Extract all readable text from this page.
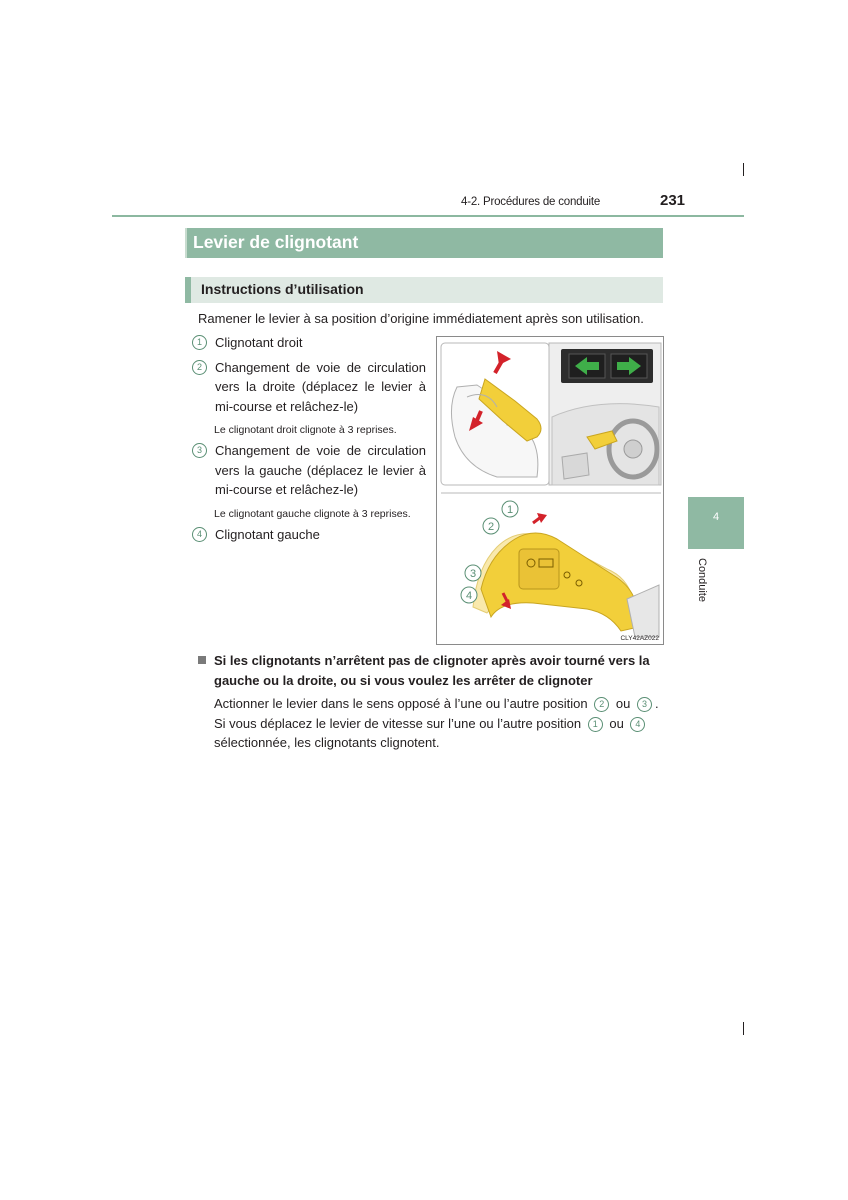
4-2. Procédures de conduite	231
4
Conduite
Levier de clignotant
Instructions d’utilisation
Ramener le levier à sa position d’origine immédiatement après son utilisation.
1	Clignotant droit
2	Changement de voie de circulation vers la droite (déplacez le levier à mi-course et relâchez-le)
Le clignotant droit clignote à 3 reprises.
3	Changement de voie de circulation vers la gauche (déplacez le levier à mi-course et relâchez-le)
Le clignotant gauche clignote à 3 reprises.
4	Clignotant gauche
1
2
3
4
CLY42AZ022
Si les clignotants n’arrêtent pas de clignoter après avoir tourné vers la gauche ou la droite, ou si vous voulez les arrêter de clignoter
Actionner le levier dans le sens opposé à l’une ou l’autre position 2 ou 3 .
Si vous déplacez le levier de vitesse sur l’une ou l’autre position 1 ou 4 sélectionnée, les clignotants clignotent.
